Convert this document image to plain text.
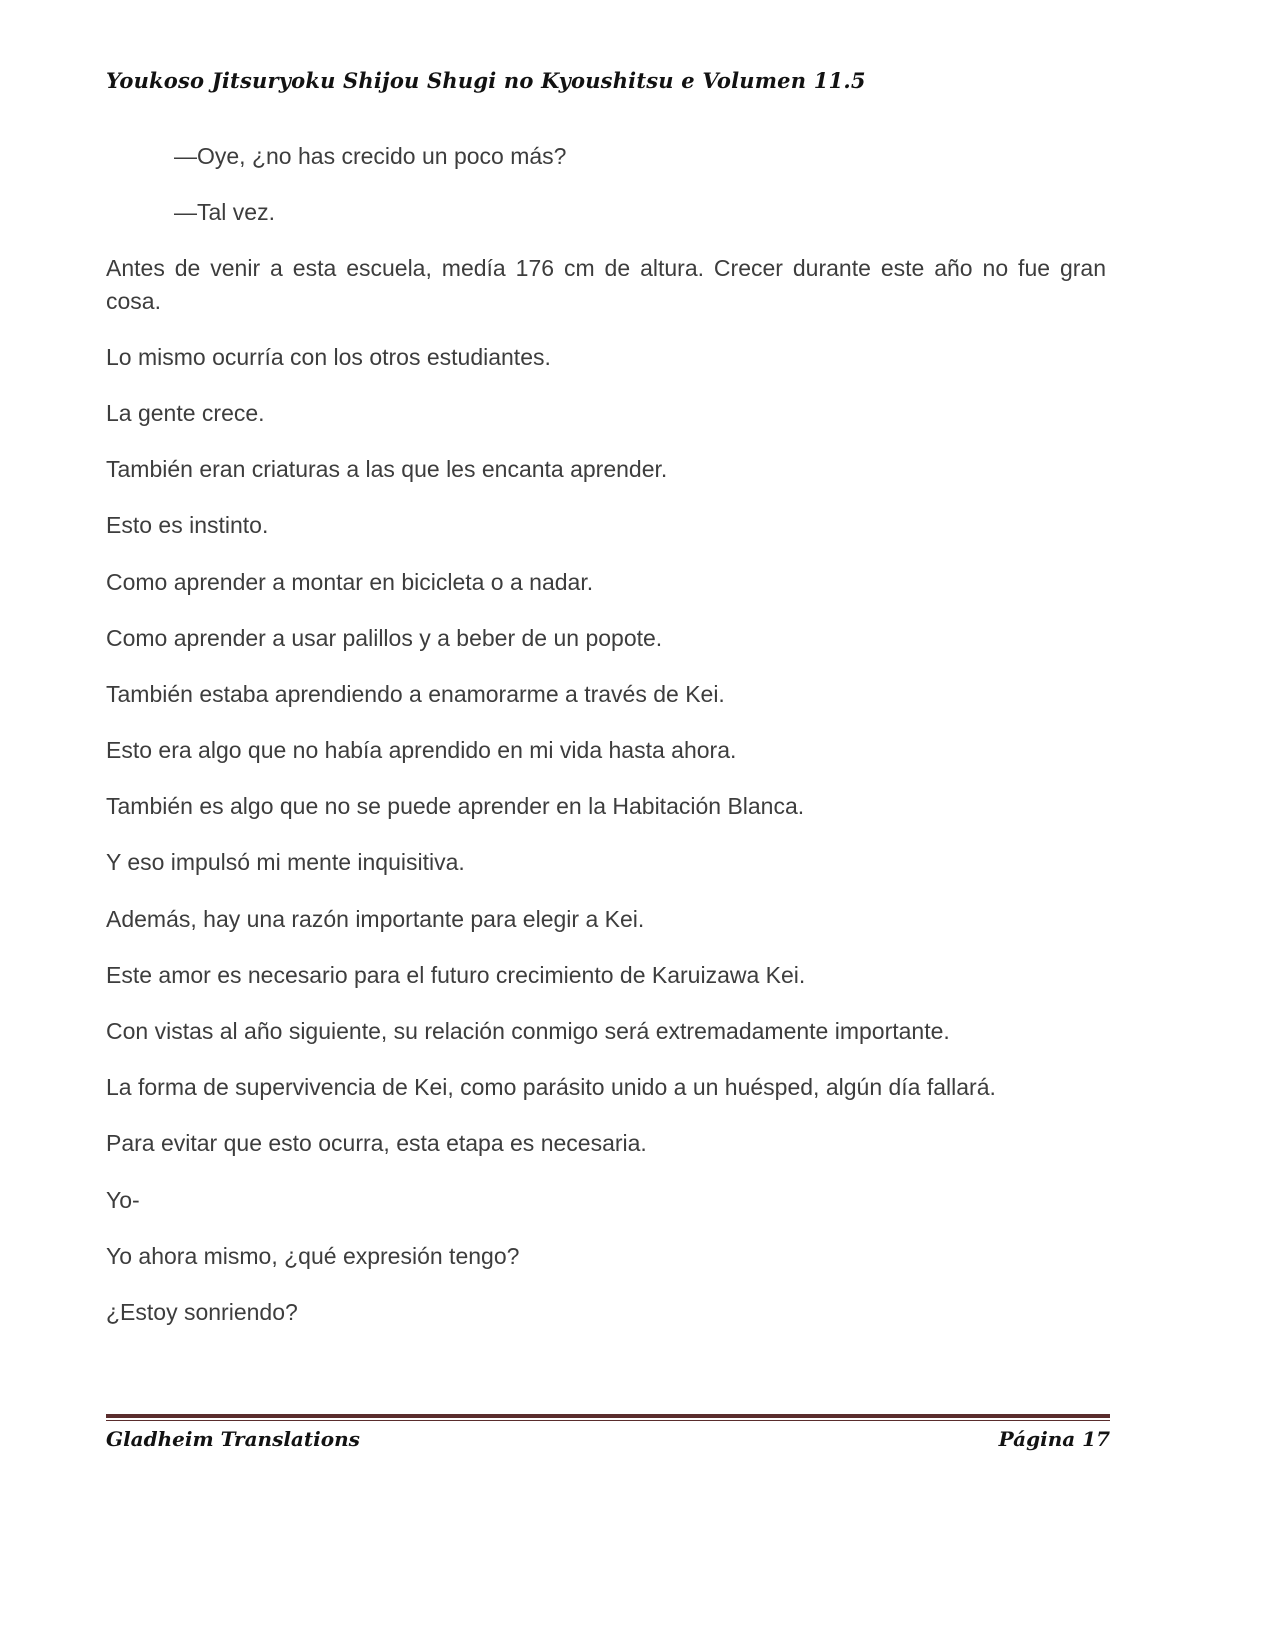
Youkoso Jitsuryoku Shijou Shugi no Kyoushitsu e Volumen 11.5

—Oye, ¿no has crecido un poco más?

—Tal vez.

Antes de venir a esta escuela, medía 176 cm de altura. Crecer durante este año no fue gran cosa.

Lo mismo ocurría con los otros estudiantes.

La gente crece.

También eran criaturas a las que les encanta aprender.

Esto es instinto.

Como aprender a montar en bicicleta o a nadar.

Como aprender a usar palillos y a beber de un popote.

También estaba aprendiendo a enamorarme a través de Kei.

Esto era algo que no había aprendido en mi vida hasta ahora.

También es algo que no se puede aprender en la Habitación Blanca.

Y eso impulsó mi mente inquisitiva.

Además, hay una razón importante para elegir a Kei.

Este amor es necesario para el futuro crecimiento de Karuizawa Kei.

Con vistas al año siguiente, su relación conmigo será extremadamente importante.

La forma de supervivencia de Kei, como parásito unido a un huésped, algún día fallará.

Para evitar que esto ocurra, esta etapa es necesaria.

Yo-

Yo ahora mismo, ¿qué expresión tengo?

¿Estoy sonriendo?

Gladheim Translations	Página 17
